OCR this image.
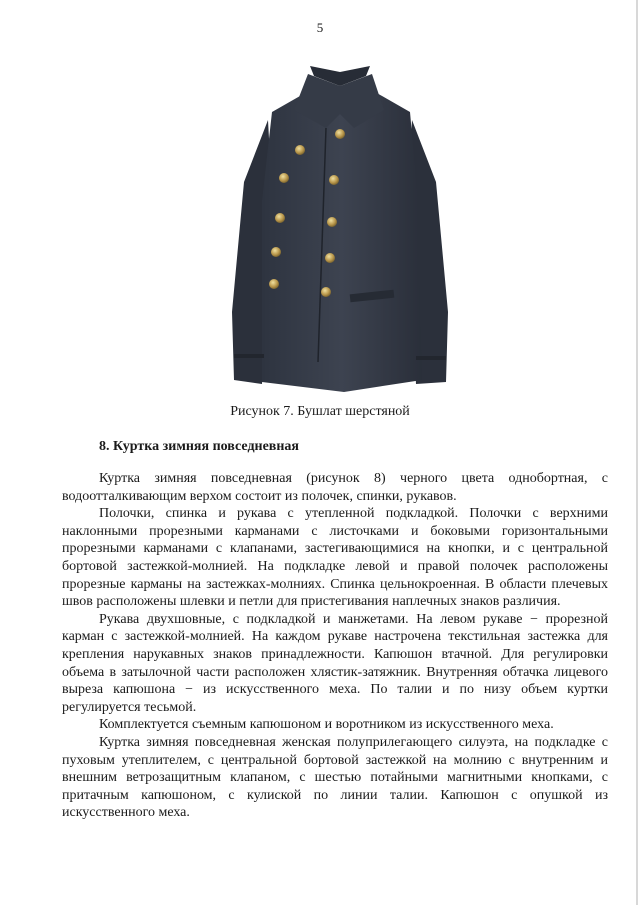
5
Рисунок 7. Бушлат шерстяной
8. Куртка зимняя повседневная

Куртка зимняя повседневная (рисунок 8) черного цвета однобортная, с водоотталкивающим верхом состоит из полочек, спинки, рукавов.

Полочки, спинка и рукава с утепленной подкладкой. Полочки с верхними наклонными прорезными карманами с листочками и боковыми горизонтальными прорезными карманами с клапанами, застегивающимися на кнопки, и с центральной бортовой застежкой-молнией. На подкладке левой и правой полочек расположены прорезные карманы на застежках-молниях. Спинка цельнокроенная. В области плечевых швов расположены шлевки и петли для пристегивания наплечных знаков различия.

Рукава двухшовные, с подкладкой и манжетами. На левом рукаве − прорезной карман с застежкой-молнией. На каждом рукаве настрочена текстильная застежка для крепления нарукавных знаков принадлежности. Капюшон втачной. Для регулировки объема в затылочной части расположен хлястик-затяжник. Внутренняя обтачка лицевого выреза капюшона − из искусственного меха. По талии и по низу объем куртки регулируется тесьмой.

Комплектуется съемным капюшоном и воротником из искусственного меха.

Куртка зимняя повседневная женская полуприлегающего силуэта, на подкладке с пуховым утеплителем, с центральной бортовой застежкой на молнию с внутренним и внешним ветрозащитным клапаном, с шестью потайными магнитными кнопками, с притачным капюшоном, с кулиской по линии талии. Капюшон с опушкой из искусственного меха.
